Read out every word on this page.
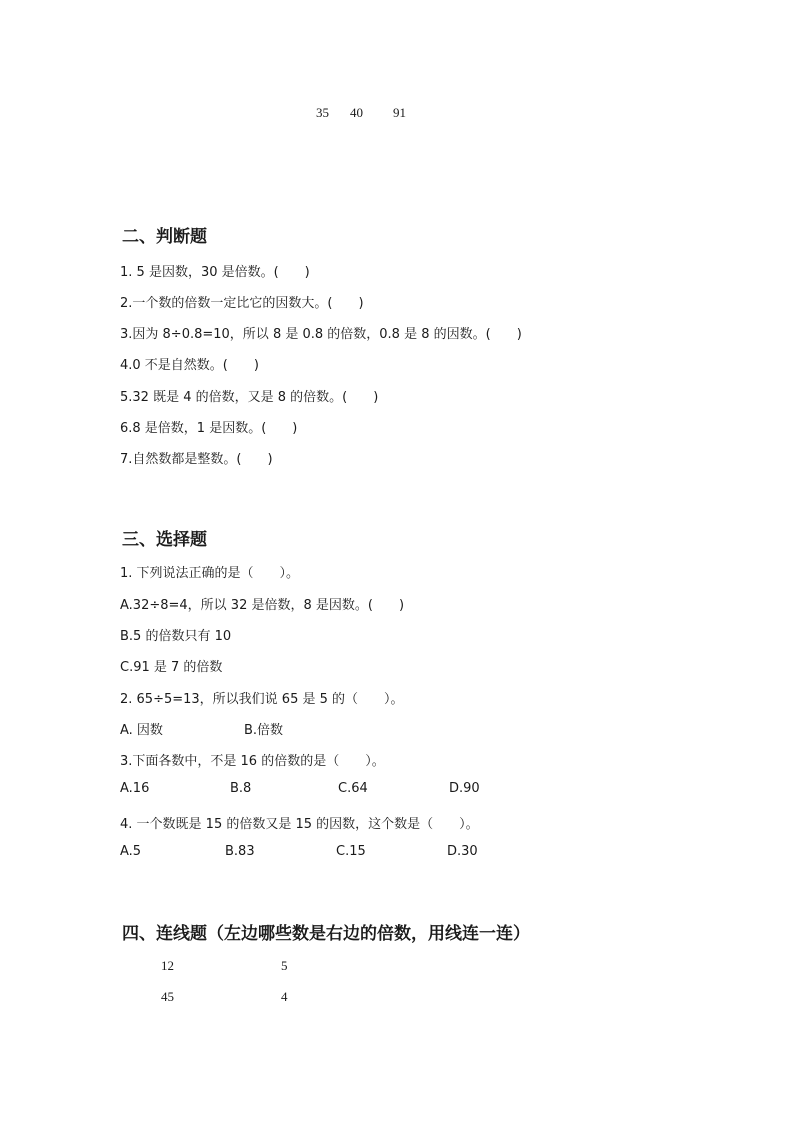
35 40 91
二、判断题
1. 5 是因数，30 是倍数。(　　)
2.一个数的倍数一定比它的因数大。(　　)
3.因为 8÷0.8=10，所以 8 是 0.8 的倍数，0.8 是 8 的因数。(　　)
4.0 不是自然数。(　　)
5.32 既是 4 的倍数，又是 8 的倍数。(　　)
6.8 是倍数，1 是因数。(　　)
7.自然数都是整数。(　　)
三、选择题
1. 下列说法正确的是（　　）。
A.32÷8=4，所以 32 是倍数，8 是因数。(　　)
B.5 的倍数只有 10
C.91 是 7 的倍数
2. 65÷5=13，所以我们说 65 是 5 的（　　）。
A. 因数	B.倍数
3.下面各数中，不是 16 的倍数的是（　　）。
A.16	B.8	C.64	D.90
4. 一个数既是 15 的倍数又是 15 的因数，这个数是（　　）。
A.5	B.83	C.15	D.30
四、连线题（左边哪些数是右边的倍数，用线连一连）
12	5
45	4
